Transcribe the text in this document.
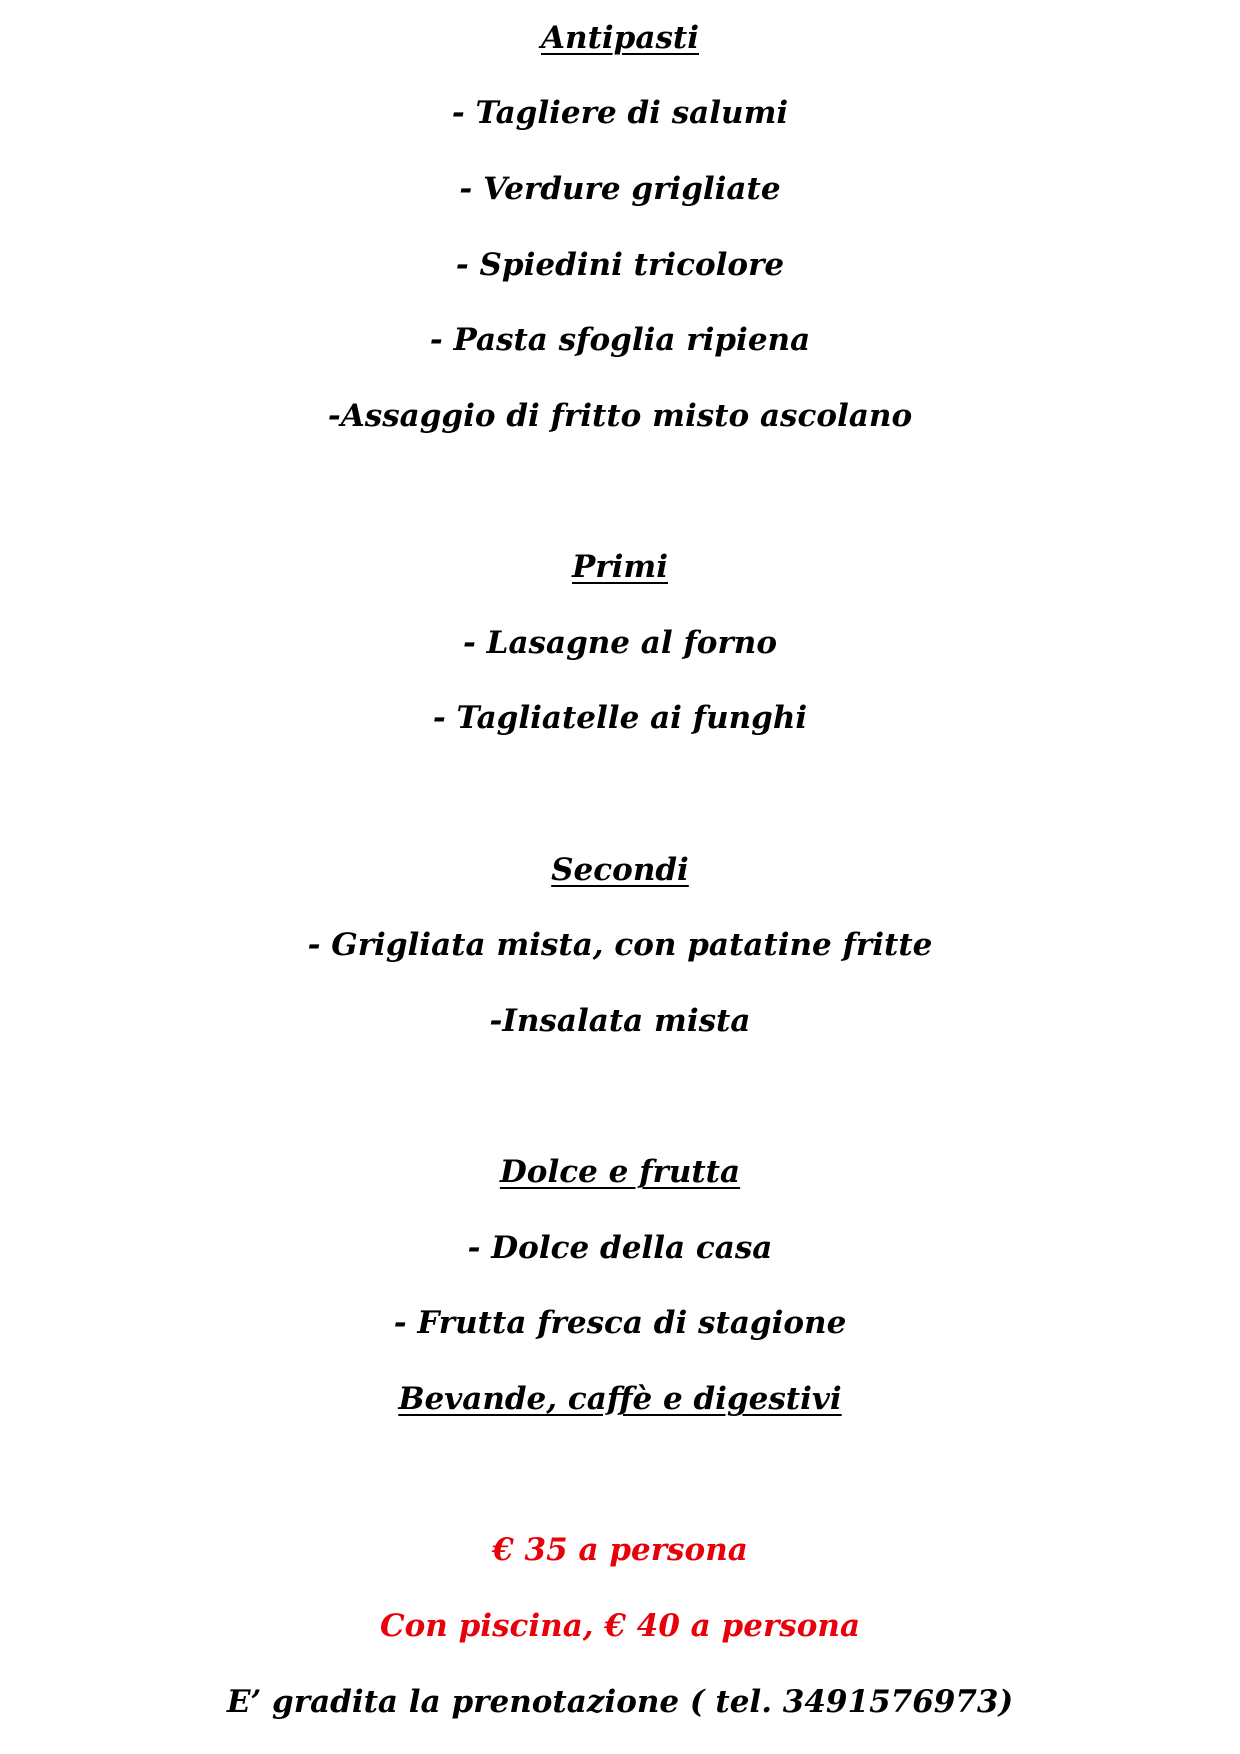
Antipasti
- Tagliere di salumi
- Verdure grigliate
- Spiedini tricolore
- Pasta sfoglia ripiena
-Assaggio di fritto misto ascolano
Primi
- Lasagne al forno
- Tagliatelle ai funghi
Secondi
- Grigliata mista, con patatine fritte
-Insalata mista
Dolce e frutta
- Dolce della casa
- Frutta fresca di stagione
Bevande, caffè e digestivi
€ 35 a persona
Con piscina, € 40 a persona
E’ gradita la prenotazione ( tel. 3491576973)
